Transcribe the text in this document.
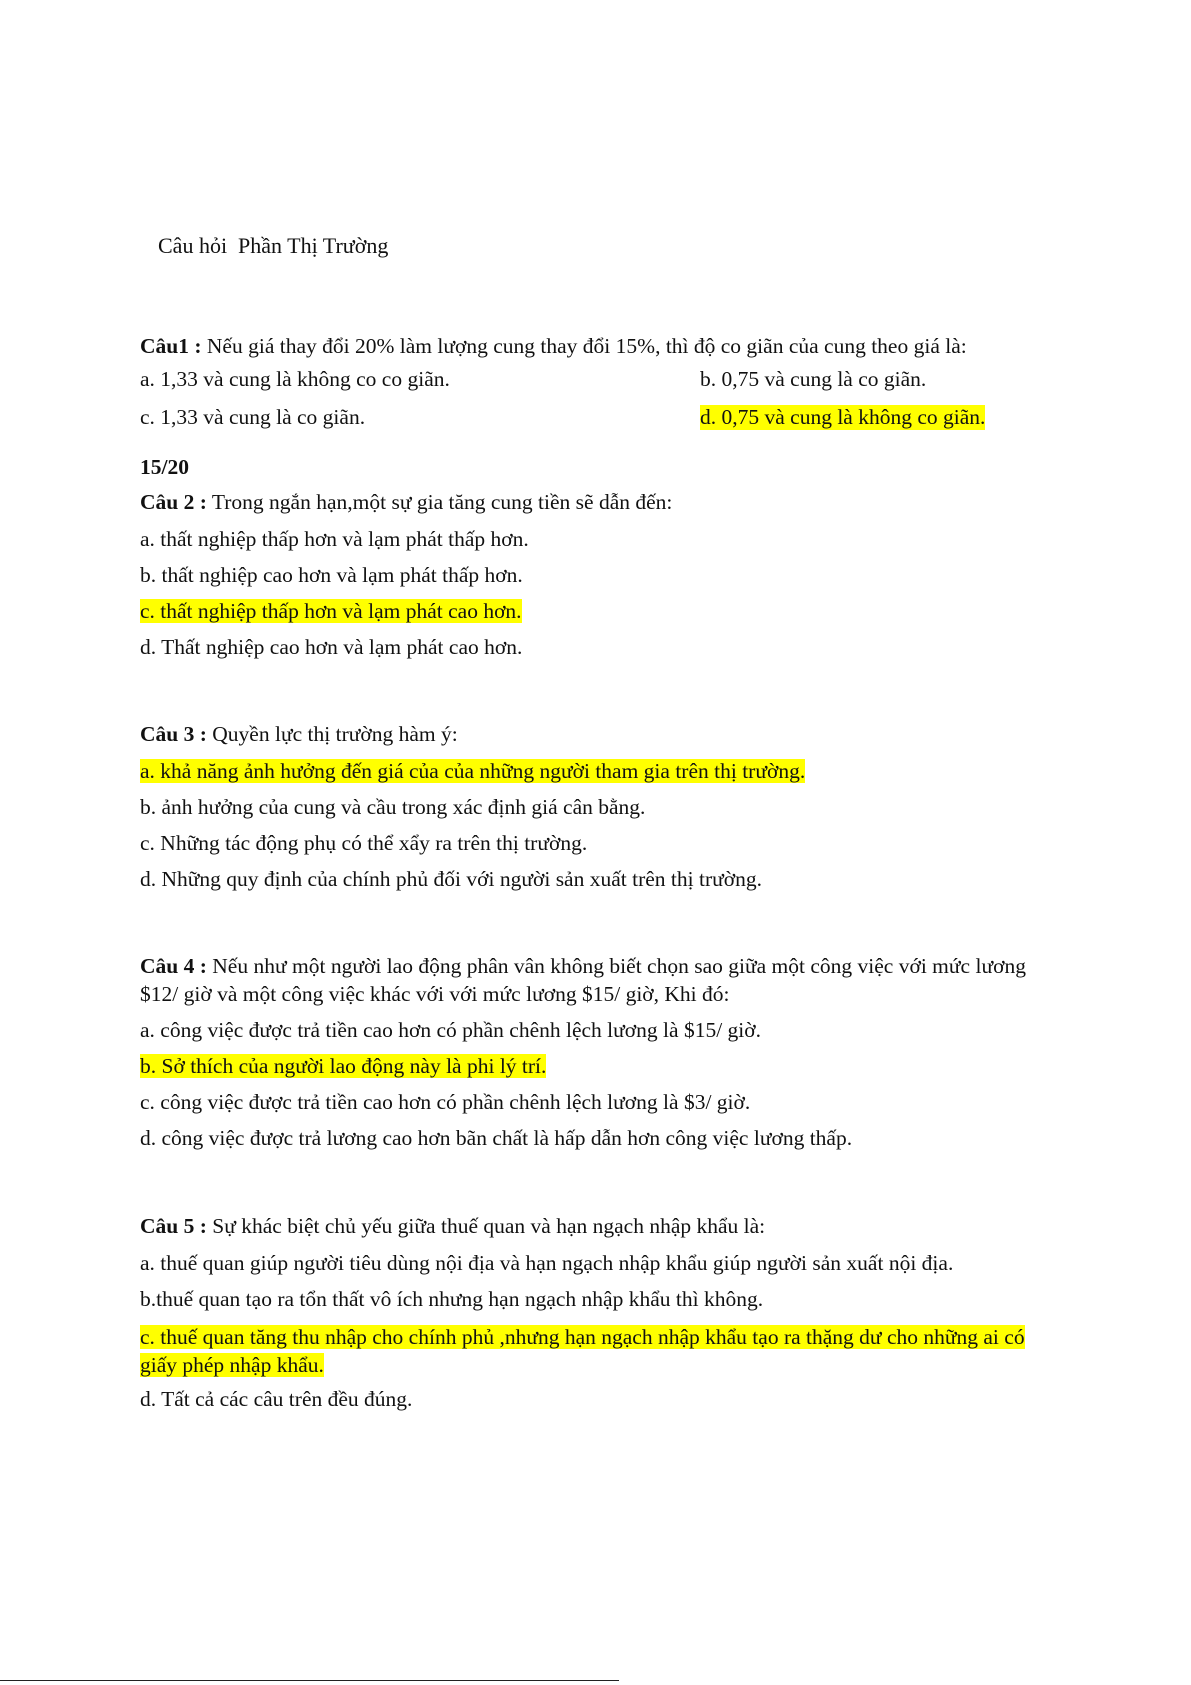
Câu hỏi  Phần Thị Trường
Câu1 : Nếu giá thay đổi 20% làm lượng cung thay đổi 15%, thì độ co giãn của cung theo giá là:
a. 1,33 và cung là không co co giãn.	b. 0,75 và cung là co giãn.
c. 1,33 và cung là co giãn.	d. 0,75 và cung là không co giãn.
15/20
Câu 2 : Trong ngắn hạn,một sự gia tăng cung tiền sẽ dẫn đến:
a. thất nghiệp thấp hơn và lạm phát thấp hơn.
b. thất nghiệp cao hơn và lạm phát thấp hơn.
c. thất nghiệp thấp hơn và lạm phát cao hơn.
d. Thất nghiệp cao hơn và lạm phát cao hơn.
Câu 3 : Quyền lực thị trường hàm ý:
a. khả năng ảnh hưởng đến giá của của những người tham gia trên thị trường.
b. ảnh hưởng của cung và cầu trong xác định giá cân bằng.
c. Những tác động phụ có thể xẩy ra trên thị trường.
d. Những quy định của chính phủ đối với người sản xuất trên thị trường.
Câu 4 : Nếu như một người lao động phân vân không biết chọn sao giữa một công việc với mức lương $12/ giờ và một công việc khác với với mức lương $15/ giờ, Khi đó:
a. công việc được trả tiền cao hơn có phần chênh lệch lương là $15/ giờ.
b. Sở thích của người lao động này là phi lý trí.
c. công việc được trả tiền cao hơn có phần chênh lệch lương là $3/ giờ.
d. công việc được trả lương cao hơn bãn chất là hấp dẫn hơn công việc lương thấp.
Câu 5 : Sự khác biệt chủ yếu giữa thuế quan và hạn ngạch nhập khẩu là:
a. thuế quan giúp người tiêu dùng nội địa và hạn ngạch nhập khẩu giúp người sản xuất nội địa.
b.thuế quan tạo ra tổn thất vô ích nhưng hạn ngạch nhập khẩu thì không.
c. thuế quan tăng thu nhập cho chính phủ ,nhưng hạn ngạch nhập khẩu tạo ra thặng dư cho những ai có giấy phép nhập khẩu.
d. Tất cả các câu trên đều đúng.
